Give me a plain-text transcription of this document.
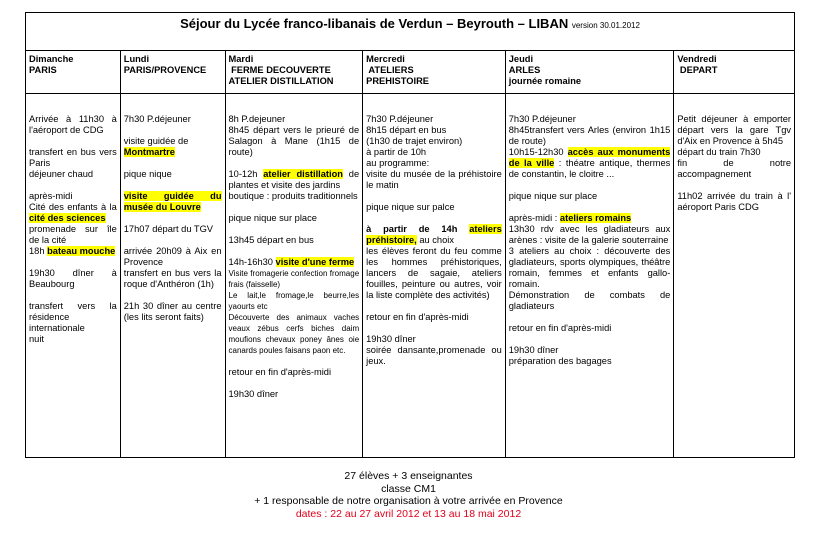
Séjour du Lycée franco-libanais de Verdun – Beyrouth – LIBAN version 30.01.2012
Dimanche
PARIS
Lundi
PARIS/PROVENCE
Mardi
FERME DECOUVERTE
ATELIER DISTILLATION
Mercredi
ATELIERS
PREHISTOIRE
Jeudi
ARLES
journée romaine
Vendredi
DEPART
Arrivée à 11h30 à l'aéroport de CDG
transfert en bus vers Paris
déjeuner chaud
après-midi
Cité des enfants à la cité des sciences
promenade sur île de la cité
18h bateau mouche
19h30 dîner à Beaubourg
transfert vers la résidence internationale
nuit
7h30 P.déjeuner
visite guidée de
Montmartre
pique nique
visite guidée du musée du Louvre
17h07 départ du TGV
arrivée 20h09 à Aix en Provence
transfert en bus vers la roque d'Anthéron (1h)
21h 30 dîner au centre (les lits seront faits)
8h P.dejeuner
8h45 départ vers le prieuré de Salagon à Mane (1h15 de route)
10-12h atelier distillation de plantes et visite des jardins
boutique : produits traditionnels
pique nique sur place
13h45 départ en bus
14h-16h30 visite d'une ferme
Visite fromagerie confection fromage frais (faisselle)
Le lait,le fromage,le beurre,les yaourts etc
Découverte des animaux vaches veaux zébus cerfs biches daim moufions chevaux poney ânes oie canards poules faisans paon etc.
retour en fin d'après-midi
19h30 dîner
7h30 P.déjeuner
8h15 départ en bus
(1h30 de trajet environ)
à partir de 10h
au programme:
visite du musée de la préhistoire le matin
pique nique sur palce
à partir de 14h ateliers préhistoire, au choix
les élèves feront du feu comme les hommes préhistoriques, lancers de sagaie, ateliers fouilles, peinture ou autres, voir la liste complète des activités)
retour en fin d'après-midi
19h30 dîner
soirée dansante,promenade ou jeux.
7h30 P.déjeuner
8h45transfert vers Arles (environ 1h15 de route)
10h15-12h30 accès aux monuments de la ville : théatre antique, thermes de constantin, le cloitre ...
pique nique sur place
après-midi : ateliers romains
13h30 rdv avec les gladiateurs aux arènes : visite de la galerie souterraine
3 ateliers au choix : découverte des gladiateurs, sports olympiques, théâtre romain, femmes et enfants gallo-romain.
Démonstration de combats de gladiateurs
retour en fin d'après-midi
19h30 dîner
préparation des bagages
Petit déjeuner à emporter départ vers la gare Tgv d'Aix en Provence à 5h45
départ du train 7h30
fin de notre accompagnement
11h02 arrivée du train à l' aéroport Paris CDG
27 élèves + 3 enseignantes
classe CM1
+ 1 responsable de notre organisation à votre arrivée en Provence
dates : 22 au 27 avril 2012 et 13 au 18 mai 2012
